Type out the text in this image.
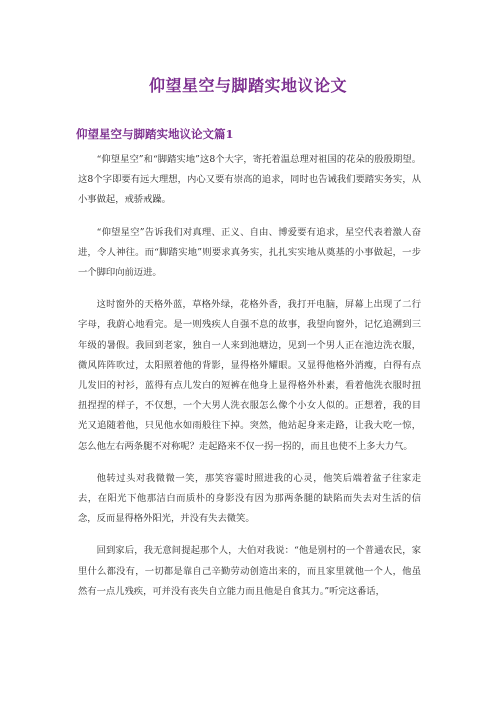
仰望星空与脚踏实地议论文
仰望星空与脚踏实地议论文篇1

“仰望星空”和“脚踏实地”这8个大字，寄托着温总理对祖国的花朵的殷殷期望。这8个字即要有远大理想，内心又要有崇高的追求，同时也告诫我们要踏实务实，从小事做起，戒骄戒躁。

“仰望星空”告诉我们对真理、正义、自由、博爱要有追求，星空代表着激人奋进，令人神往。而“脚踏实地”则要求真务实，扎扎实实地从奠基的小事做起，一步一个脚印向前迈进。

这时窗外的天格外蓝，草格外绿，花格外香，我打开电脑，屏幕上出现了二行字母，我蔚心地看完。是一则残疾人自强不息的故事，我望向窗外，记忆追溯到三年级的暑假。我回到老家，独自一人来到池塘边，见到一个男人正在池边洗衣服，微风阵阵吹过，太阳照着他的背影，显得格外耀眼。又显得他格外消瘦，白得有点儿发旧的衬衫，蓝得有点儿发白的短裤在他身上显得格外朴素，看着他洗衣服时扭扭捏捏的样子，不仅想，一个大男人洗衣服怎么像个小女人似的。正想着，我的目光又追随着他，只见他水如雨般往下掉。突然，他站起身来走路，让我大吃一惊，怎么他左右两条腿不对称呢？走起路来不仅一拐一拐的，而且也使不上多大力气。

他转过头对我微微一笑，那笑容霎时照进我的心灵，他笑后端着盆子往家走去，在阳光下他那洁白而质朴的身影没有因为那两条腿的缺陷而失去对生活的信念，反而显得格外阳光，并没有失去微笑。

回到家后，我无意间提起那个人，大伯对我说：“他是别村的一个普通农民，家里什么都没有，一切都是靠自己辛勤劳动创造出来的，而且家里就他一个人，他虽然有一点儿残疾，可并没有丧失自立能力而且他是自食其力。”听完这番话，
